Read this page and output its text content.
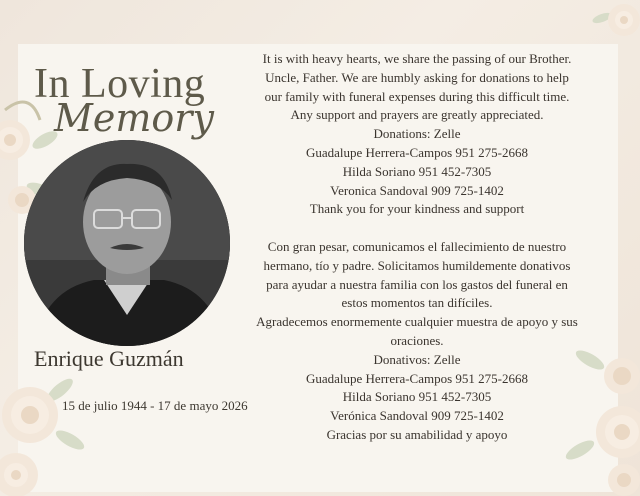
In Loving
Memory
Enrique Guzmán
15 de julio 1944 - 17 de mayo 2026
It is with heavy hearts, we share the passing of our Brother.
Uncle, Father. We are humbly asking for donations to help
our family with funeral expenses during this difficult time.
Any support and prayers are greatly appreciated.
Donations: Zelle
Guadalupe Herrera-Campos 951 275-2668
Hilda Soriano 951 452-7305
Veronica Sandoval 909 725-1402
Thank you for your kindness and support
Con gran pesar, comunicamos el fallecimiento de nuestro
hermano, tío y padre. Solicitamos humildemente donativos
para ayudar a nuestra familia con los gastos del funeral en
estos momentos tan difíciles.
Agradecemos enormemente cualquier muestra de apoyo y sus
oraciones.
Donativos: Zelle
Guadalupe Herrera-Campos 951 275-2668
Hilda Soriano 951 452-7305
Verónica Sandoval 909 725-1402
Gracias por su amabilidad y apoyo
